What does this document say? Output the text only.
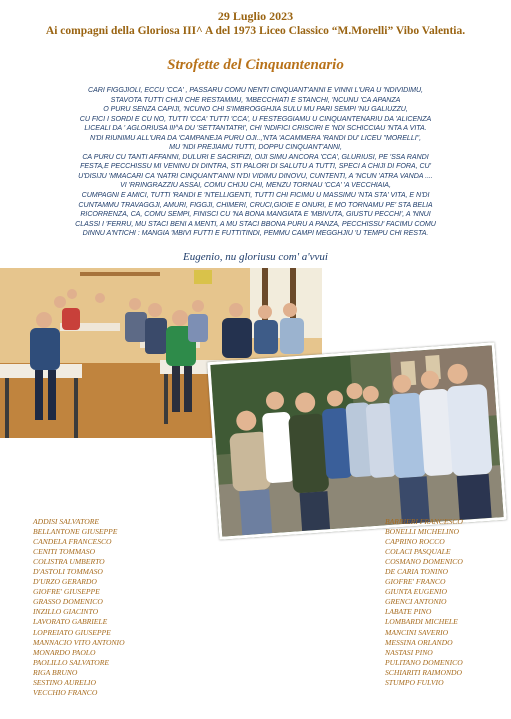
29 Luglio 2023
Ai compagni della Gloriosa III^ A del 1973 Liceo Classico “M.Morelli” Vibo Valentia.
Strofette del Cinquantenario
CARI FIGGJIOLI, ECCU 'CCA' , PASSARU COMU NENTI CINQUANT'ANNI E VINNI L'URA U 'NDIVIDIMU,
STAVOTA TUTTI CHIJI CHE RESTAMMU, 'MBECCHIATI E STANCHI, 'NCUNU 'CA APANZA
O PURU SENZA CAPIJI, 'NCUNO CHI S'IMBROGGHJIA SULU MU PARI SEMPI 'NU GALIUZZU,
CU FICI I SORDI E CU NO, TUTTI 'CCA' TUTTI 'CCA', U FESTEGGIAMU U CINQUANTENARIU DA 'ALICENZA
LICEALI DA ' AGLORIUSA III^A DU 'SETTANTATRI', CHI 'NDIFICI CRISCIRI E 'NDI SCHICCIAU 'NTA A VITA.
N'DI RIUNIMU ALL'URA DA 'CAMPANEJA PURU OJI..,'NTA 'ACAMMERA 'RANDI DU' LICEU "MORELLI",
MU 'NDI PREJIAMU TUTTI, DOPPU CINQUANT'ANNI,
CA PURU CU TANTI AFFANNI, DULURI E SACRIFIZI, OIJI SIMU ANCORA 'CCA', GLURIUSI, PE 'SSA RANDI
FESTA,E PECCHISSU MI VENINU DI DINTRA, STI PALORI DI SALUTU A TUTTI, SPECI A CHIJI DI FORA, CU'
U'DISIJU 'MMACARI CA 'NATRI CINQUANT'ANNI N'DI VIDIMU DINOVU, CUNTENTI, A 'NCUN 'ATRA VANDA ....
VI 'RRINGRAZZIU ASSAI, COMU CHIJU CHI, MENZU TORNAU 'CCA' 'A VECCHIAIA,
CUMPAGNI E AMICI, TUTTI 'RANDI E 'NTELLIGENTI, TUTTI CHI FICIMU U MASSIMU 'NTA STA' VITA, E N'DI
CUNTAMMU TRAVAGGJI, AMURI, FIGGJI, CHIMERI, CRUCI,GIOIE E ONURI, E MO TORNAMU PE' STA BELIA
RICORRENZA, CA, COMU SEMPI, FINISCI CU 'NA BONA MANGIATA E 'MBIVUTA, GIUSTU PECCHI', A 'NNUI
CLASSI I 'FERRU, MU STACI BENI A MENTI, A MU STACI BBONA PURU A PANZA, PECCHISSU' FACIMU COMU
DINNU A'NTICHI : MANGIA 'MBIVI FUTTI E FUTTITINDI, PEMMU CAMPI MEGGHJIU 'U TEMPU CHI RESTA.
Eugenio, nu gloriusu com' a'vvui
ADDISI SALVATORE
BELLANTONE GIUSEPPE
CANDELA FRANCESCO
CENITI TOMMASO
COLISTRA UMBERTO
D'ASTOLI TOMMASO
D'URZO GERARDO
GIOFRE' GIUSEPPE
GRASSO DOMENICO
INZILLO GIACINTO
LAVORATO GABRIELE
LOPREIATO GIUSEPPE
MANNACIO VITO ANTONIO
MONARDO PAOLO
PAOLILLO SALVATORE
RIGA BRUNO
SESTINO AURELIO
VECCHIO FRANCO
BARBIERI FRANCESCO
BONELLI MICHELINO
CAPRINO ROCCO
COLACI PASQUALE
COSMANO DOMENICO
DE CARIA TONINO
GIOFRE' FRANCO
GIUNTA EUGENIO
GRENCI ANTONIO
LABATE PINO
LOMBARDI MICHELE
MANCINI SAVERIO
MESSINA ORLANDO
NASTASI PINO
PULITANO DOMENICO
SCHIARITI RAIMONDO
STUMPO FULVIO
